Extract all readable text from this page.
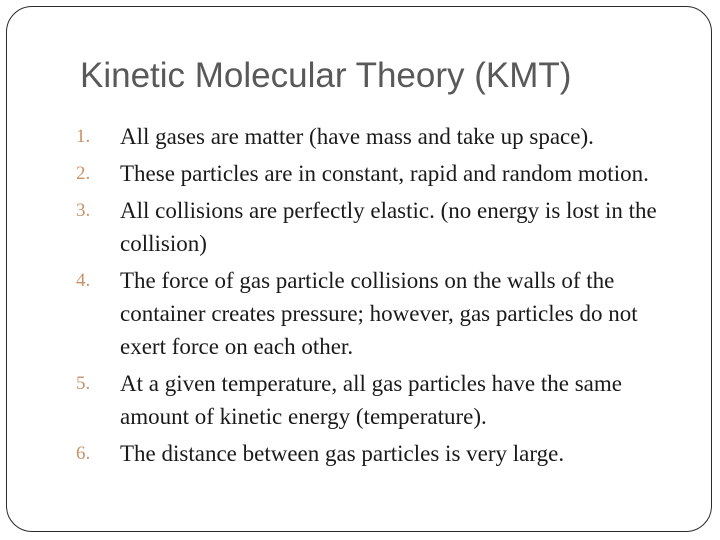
Kinetic Molecular Theory (KMT)
1.	All gases are matter (have mass and take up space).
2.	These particles are in constant, rapid and random motion.
3.	All collisions are perfectly elastic. (no energy is lost in the collision)
4.	The force of gas particle collisions on the walls of the container creates pressure; however, gas particles do not exert force on each other.
5.	At a given temperature, all gas particles have the same amount of kinetic energy (temperature).
6.	The distance between gas particles is very large.
